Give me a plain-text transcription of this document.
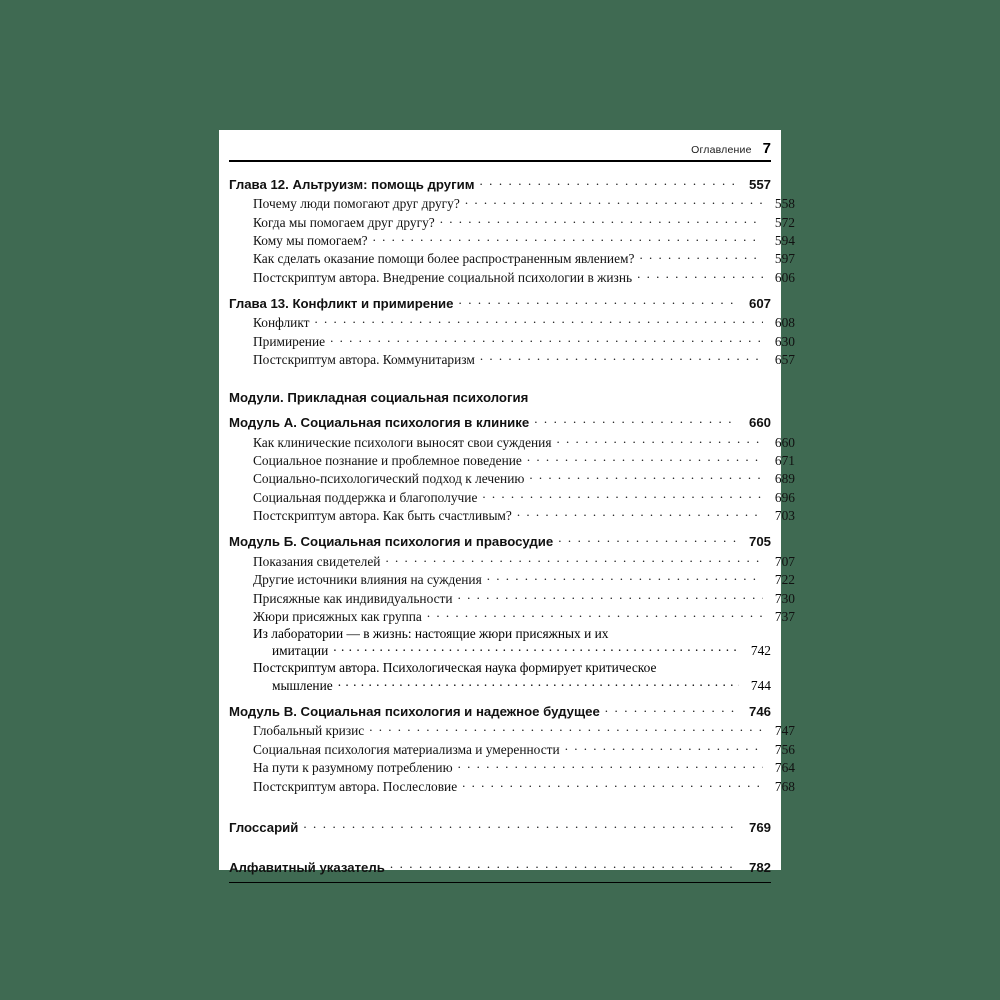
Оглавление 7
Глава 12. Альтруизм: помощь другим . . .	557
Почему люди помогают друг другу? . . .	558
Когда мы помогаем друг другу? . . .	572
Кому мы помогаем? . . .	594
Как сделать оказание помощи более распространенным явлением? . . .	597
Постскриптум автора. Внедрение социальной психологии в жизнь . . .	606
Глава 13. Конфликт и примирение . . .	607
Конфликт . . .	608
Примирение . . .	630
Постскриптум автора. Коммунитаризм . . .	657
Модули. Прикладная социальная психология
Модуль А. Социальная психология в клинике . . .	660
Как клинические психологи выносят свои суждения . . .	660
Социальное познание и проблемное поведение . . .	671
Социально-психологический подход к лечению . . .	689
Социальная поддержка и благополучие . . .	696
Постскриптум автора. Как быть счастливым? . . .	703
Модуль Б. Социальная психология и правосудие . . .	705
Показания свидетелей . . .	707
Другие источники влияния на суждения . . .	722
Присяжные как индивидуальности . . .	730
Жюри присяжных как группа . . .	737
Из лаборатории — в жизнь: настоящие жюри присяжных и их
имитации . . .	742
Постскриптум автора. Психологическая наука формирует критическое
мышление . . .	744
Модуль В. Социальная психология и надежное будущее . . .	746
Глобальный кризис . . .	747
Социальная психология материализма и умеренности . . .	756
На пути к разумному потреблению . . .	764
Постскриптум автора. Послесловие . . .	768
Глоссарий . . .	769
Алфавитный указатель . . .	782
